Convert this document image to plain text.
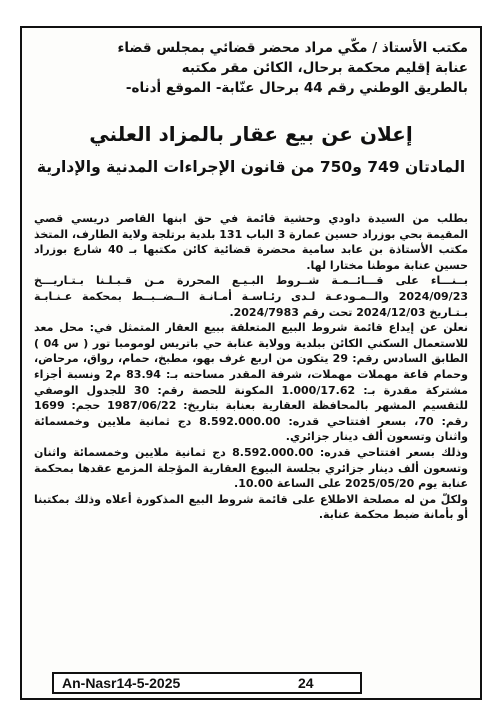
مكتب الأستاذ / مكّي مراد محضر قضائي بمجلس قضاء

عنابة إقليم محكمة برحال، الكائن مقر مكتبه

بالطريق الوطني رقم 44 برحال عنّابة- الموقع أدناه-

إعلان عن بيع عقار بالمزاد العلني
المادتان 749 و750 من قانون الإجراءات المدنية والإدارية

بطلب من السيدة داودي وحشية قائمة في حق ابنها القاصر دريسي قصي المقيمة بحي بوزراد حسين عمارة 3 الباب 131 بلدية برتلجة ولاية الطارف، المتخذ مكتب الأستاذة بن عابد سامية محضرة قضائية كائن مكتبها بـ 40 شارع بوزراد حسين عنابة موطنا مختارا لها.

بــنـــاء على قـــائــمـة شــروط البـيـع المحررة مـن قـبـلـنا بـتـاريـــخ 2024/09/23 والــمـودعـة لـدى رئـاسـة أمـانـة الــضــبــط بمحكمة عـنـابـة بـتـاريخ 2024/12/03 تحت رقم 2024/7983.

نعلن عن إيداع قائمة شروط البيع المتعلقة ببيع العقار المتمثل في: محل معد للاستعمال السكني الكائن ببلدية وولاية عنابة حي باتريس لومومبا تور ( س 04 ) الطابق السادس رقم: 29 يتكون من اربع غرف بهو، مطبخ، حمام، رواق، مرحاض، وحمام قاعة مهملات مهملات، شرفة المقدر مساحته بـ: 83.94 م2 ونسبة أجزاء مشتركة مقدرة بـ: 1.000/17.62 المكونة للحصة رقم: 30 للجدول الوصفي للتقسيم المشهر بالمحافظة العقارية بعنابة بتاريخ: 1987/06/22 حجم: 1699 رقم: 70، بسعر افتتاحي قدره: 8.592.000.00 دج ثمانية ملايين وخمسمائة واثنان وتسعون ألف دينار جزائري.

وذلك بسعر افتتاحي قدره: 8.592.000.00 دج ثمانية ملايين وخمسمائة واثنان وتسعون ألف دينار جزائري بجلسة البيوع العقارية المؤجلة المزمع عقدها بمحكمة عنابة يوم 2025/05/20 على الساعة 10.00.

ولكلّ من له مصلحة الاطلاع على قائمة شروط البيع المذكورة أعلاه وذلك بمكتبنا أو بأمانة ضبط محكمة عنابة.

An-Nasr14-5-2025	24
